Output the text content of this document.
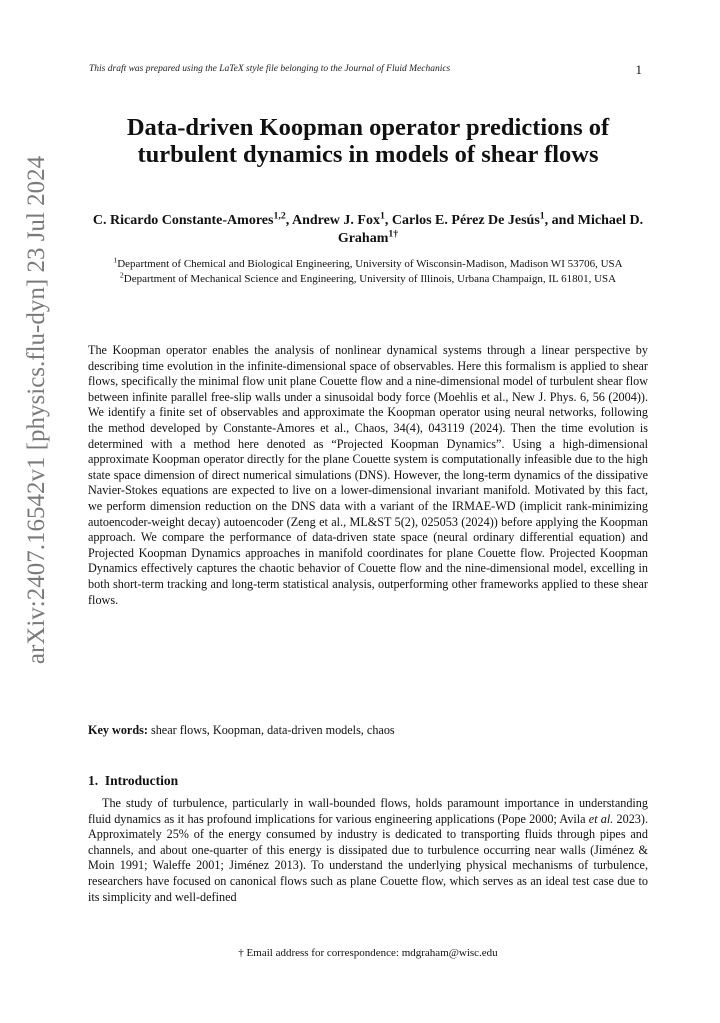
arXiv:2407.16542v1 [physics.flu-dyn] 23 Jul 2024
This draft was prepared using the LaTeX style file belonging to the Journal of Fluid Mechanics	1
Data-driven Koopman operator predictions of turbulent dynamics in models of shear flows
C. Ricardo Constante-Amores$^{1,2}$, Andrew J. Fox$^1$, Carlos E. Pérez De Jesús$^1$, and Michael D. Graham$^{1\dagger}$
$^1$Department of Chemical and Biological Engineering, University of Wisconsin-Madison, Madison WI 53706, USA
$^2$Department of Mechanical Science and Engineering, University of Illinois, Urbana Champaign, IL 61801, USA

The Koopman operator enables the analysis of nonlinear dynamical systems through a linear perspective by describing time evolution in the infinite-dimensional space of observables. Here this formalism is applied to shear flows, specifically the minimal flow unit plane Couette flow and a nine-dimensional model of turbulent shear flow between infinite parallel free-slip walls under a sinusoidal body force (Moehlis et al., New J. Phys. 6, 56 (2004)). We identify a finite set of observables and approximate the Koopman operator using neural networks, following the method developed by Constante-Amores et al., Chaos, 34(4), 043119 (2024). Then the time evolution is determined with a method here denoted as “Projected Koopman Dynamics”. Using a high-dimensional approximate Koopman operator directly for the plane Couette system is computationally infeasible due to the high state space dimension of direct numerical simulations (DNS). However, the long-term dynamics of the dissipative Navier-Stokes equations are expected to live on a lower-dimensional invariant manifold. Motivated by this fact, we perform dimension reduction on the DNS data with a variant of the IRMAE-WD (implicit rank-minimizing autoencoder-weight decay) autoencoder (Zeng et al., ML&ST 5(2), 025053 (2024)) before applying the Koopman approach. We compare the performance of data-driven state space (neural ordinary differential equation) and Projected Koopman Dynamics approaches in manifold coordinates for plane Couette flow. Projected Koopman Dynamics effectively captures the chaotic behavior of Couette flow and the nine-dimensional model, excelling in both short-term tracking and long-term statistical analysis, outperforming other frameworks applied to these shear flows.

Key words: shear flows, Koopman, data-driven models, chaos
1. Introduction

The study of turbulence, particularly in wall-bounded flows, holds paramount importance in understanding fluid dynamics as it has profound implications for various engineering applications (Pope 2000; Avila et al. 2023). Approximately 25% of the energy consumed by industry is dedicated to transporting fluids through pipes and channels, and about one-quarter of this energy is dissipated due to turbulence occurring near walls (Jiménez & Moin 1991; Waleffe 2001; Jiménez 2013). To understand the underlying physical mechanisms of turbulence, researchers have focused on canonical flows such as plane Couette flow, which serves as an ideal test case due to its simplicity and well-defined

† Email address for correspondence: mdgraham@wisc.edu
